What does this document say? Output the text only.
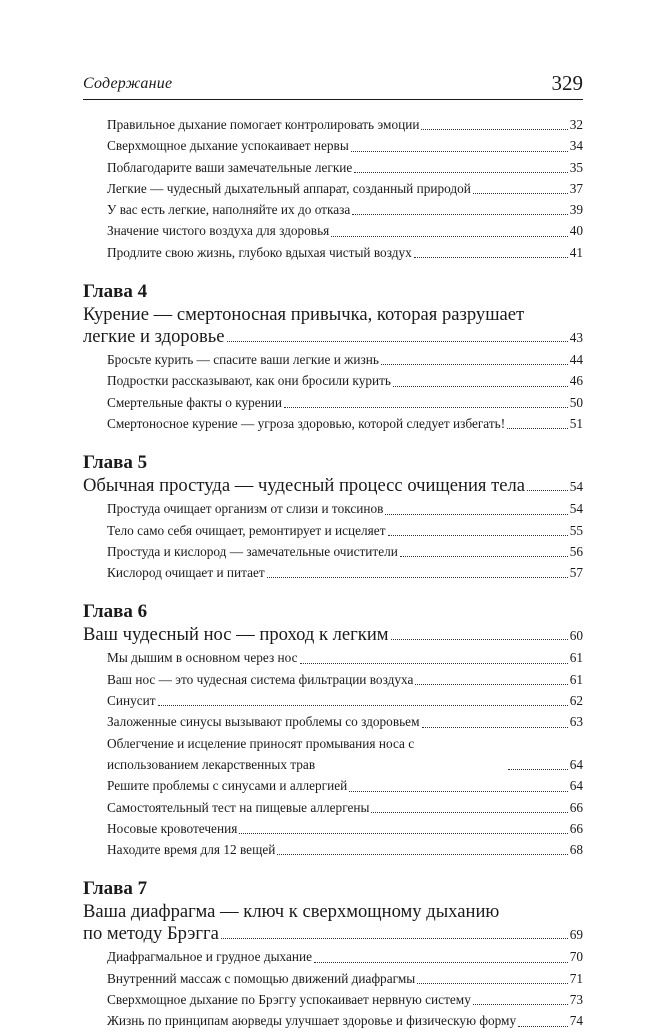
Содержание	329
Правильное дыхание помогает контролировать эмоции	32
Сверхмощное дыхание успокаивает нервы	34
Поблагодарите ваши замечательные легкие	35
Легкие — чудесный дыхательный аппарат, созданный природой	37
У вас есть легкие, наполняйте их до отказа	39
Значение чистого воздуха для здоровья	40
Продлите свою жизнь, глубоко вдыхая чистый воздух	41
Глава 4
Курение — смертоносная привычка, которая разрушает
легкие и здоровье	43
Бросьте курить — спасите ваши легкие и жизнь	44
Подростки рассказывают, как они бросили курить	46
Смертельные факты о курении	50
Смертоносное курение — угроза здоровью, которой следует избегать!	51
Глава 5
Обычная простуда — чудесный процесс очищения тела	54
Простуда очищает организм от слизи и токсинов	54
Тело само себя очищает, ремонтирует и исцеляет	55
Простуда и кислород — замечательные очистители	56
Кислород очищает и питает	57
Глава 6
Ваш чудесный нос — проход к легким	60
Мы дышим в основном через нос	61
Ваш нос — это чудесная система фильтрации воздуха	61
Синусит	62
Заложенные синусы вызывают проблемы со здоровьем	63
Облегчение и исцеление приносят промывания носа с использованием лекарственных трав	64
Решите проблемы с синусами и аллергией	64
Самостоятельный тест на пищевые аллергены	66
Носовые кровотечения	66
Находите время для 12 вещей	68
Глава 7
Ваша диафрагма — ключ к сверхмощному дыханию
по методу Брэгга	69
Диафрагмальное и грудное дыхание	70
Внутренний массаж с помощью движений диафрагмы	71
Сверхмощное дыхание по Брэггу успокаивает нервную систему	73
Жизнь по принципам аюрведы улучшает здоровье и физическую форму	74
